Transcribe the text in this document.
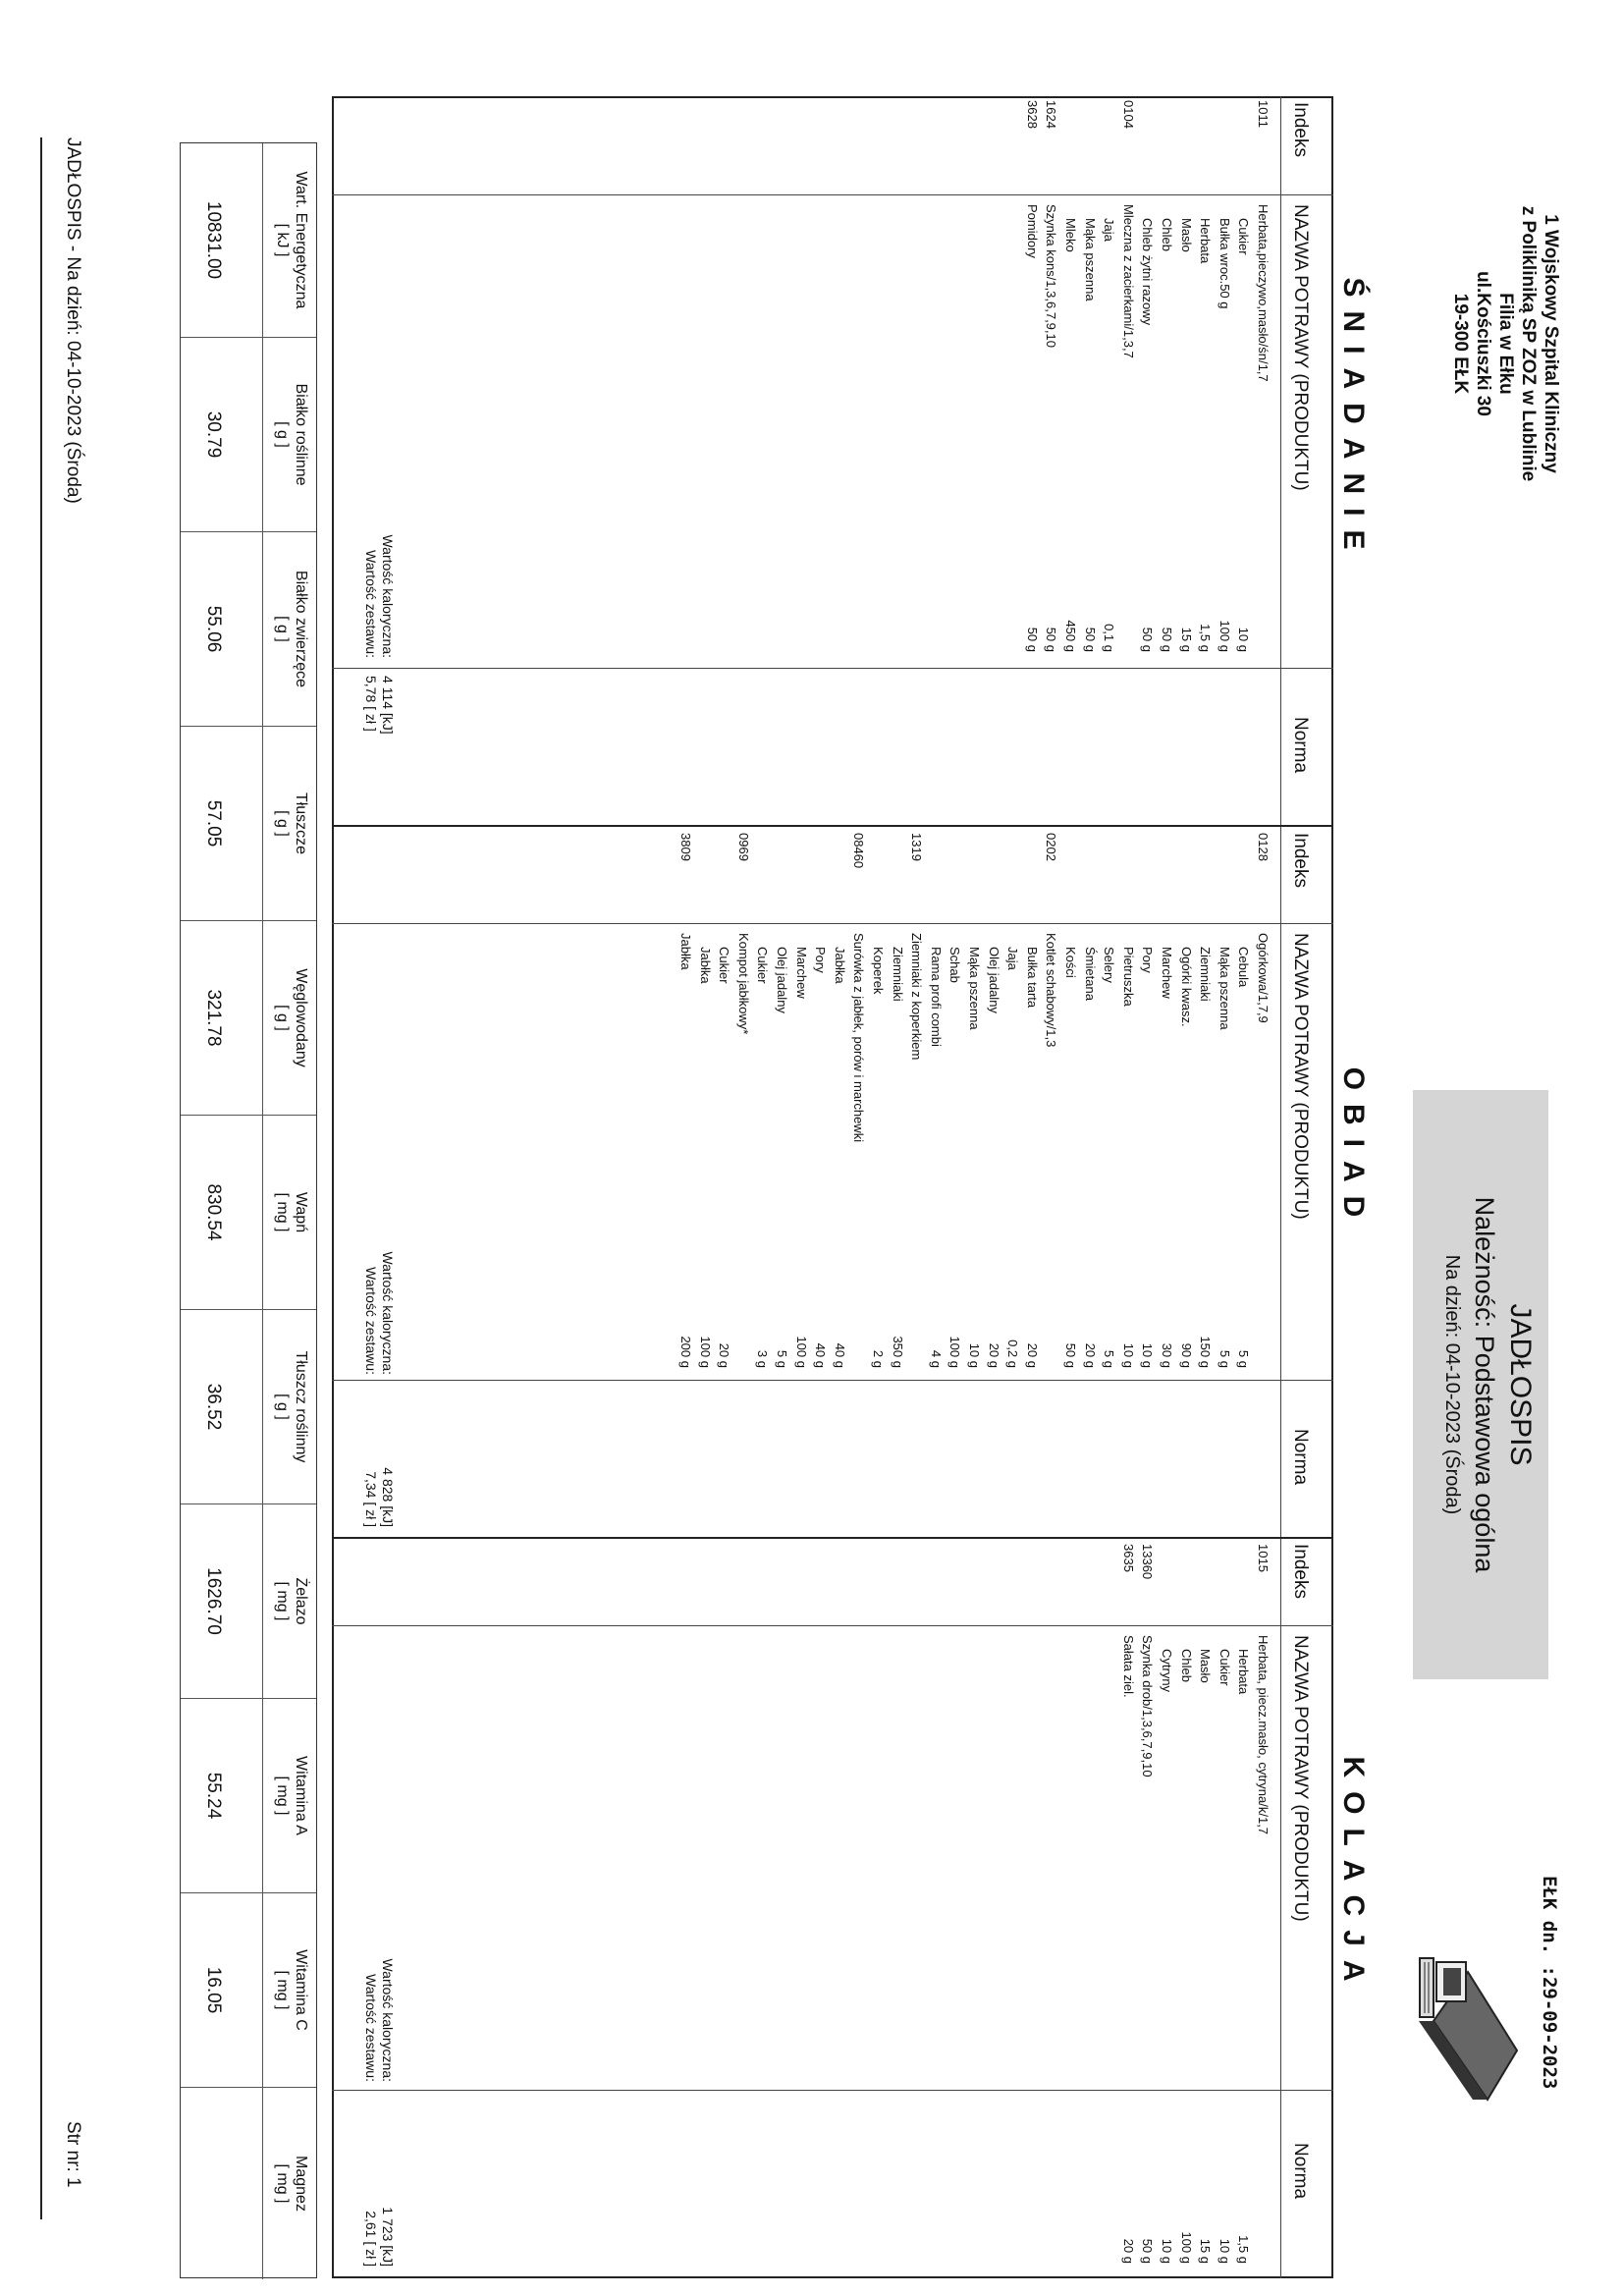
1 Wojskowy Szpital Kliniczny
z Polikliniką SP ZOZ w Lublinie
Filia w Ełku
ul.Kościuszki 30
19-300 EŁK
JADŁOSPIS
Należność: Podstawowa ogólna
Na dzień: 04-10-2023 (Środa)
EŁK dn. :29-09-2023
ŚNIADANIE
OBIAD
KOLACJA
Indeks
NAZWA POTRAWY (PRODUKTU)
Norma
Indeks
NAZWA POTRAWY (PRODUKTU)
Norma
Indeks
NAZWA POTRAWY (PRODUKTU)
Norma
1011
Herbata,pieczywo,masło/śn/1,7
Cukier
10 g
Bułka wroc.50 g
100 g
Herbata
1,5 g
Masło
15 g
Chleb
50 g
Chleb żytni razowy
50 g
0104
Mleczna z zacierkami/1,3,7
Jaja
0,1 g
Mąka pszenna
50 g
Mleko
450 g
1624
Szynka kons/1,3,6,7,9,10
50 g
3628
Pomidory
50 g
0128
Ogórkowa/1,7,9
Cebula
5 g
Mąka pszenna
5 g
Ziemniaki
150 g
Ogórki kwasz.
90 g
Marchew
30 g
Pory
10 g
Pietruszka
10 g
Selery
5 g
Śmietana
20 g
Kości
50 g
0202
Kotlet schabowy/1,3
Bułka tarta
20 g
Jaja
0,2 g
Olej jadalny
20 g
Mąka pszenna
10 g
Schab
100 g
Rama profi combi
4 g
1319
Ziemniaki z koperkiem
Ziemniaki
350 g
Koperek
2 g
08460
Surówka z jabłek, porów i marchewki
Jabłka
40 g
Pory
40 g
Marchew
100 g
Olej jadalny
5 g
Cukier
3 g
0969
Kompot jabłkowy*
Cukier
20 g
Jabłka
100 g
3809
Jabłka
200 g
1015
Herbata, piecz.masło, cytryna/k/1,7
Herbata
1,5 g
Cukier
10 g
Masło
15 g
Chleb
100 g
Cytryny
10 g
13360
Szynka drob/1,3,6,7,9,10
50 g
3635
Sałata ziel.
20 g
Wartość kaloryczna:
Wartość zestawu:
4 114 [kJ]
5,78 [ zł ]
Wartość kaloryczna:
Wartość zestawu:
4 828 [kJ]
7,34 [ zł ]
Wartość kaloryczna:
Wartość zestawu:
1 723 [kJ]
2,61 [ zł ]
Wart. Energetyczna
[ kJ ]
10831.00
Białko roślinne
[ g ]
30.79
Białko zwierzęce
[ g ]
55.06
Tłuszcze
[ g ]
57.05
Węglowodany
[ g ]
321.78
Wapń
[ mg ]
830.54
Tłuszcz roślinny
[ g ]
36.52
Żelazo
[ mg ]
1626.70
Witamina A
[ mg ]
55.24
Witamina C
[ mg ]
16.05
Magnez
[ mg ]
JADŁOSPIS - Na dzień: 04-10-2023 (Środa)
Str nr: 1
